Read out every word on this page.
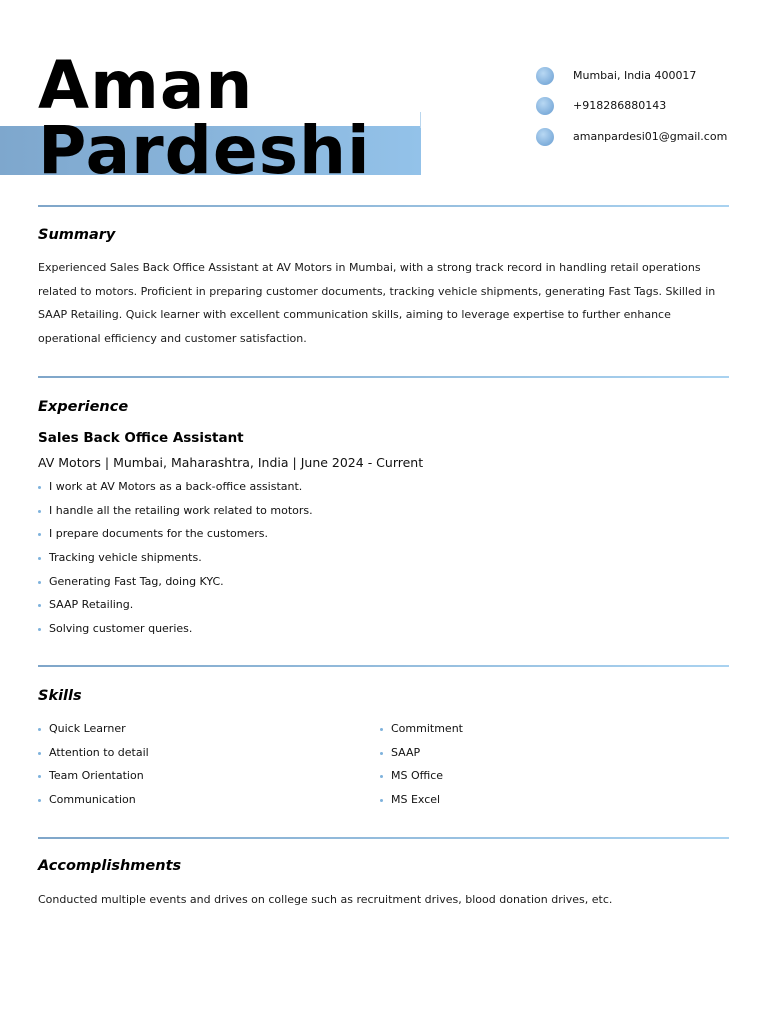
Aman
Pardeshi
Mumbai, India 400017
+918286880143
amanpardesi01@gmail.com
Summary

Experienced Sales Back Office Assistant at AV Motors in Mumbai, with a strong track record in handling retail operations related to motors. Proficient in preparing customer documents, tracking vehicle shipments, generating Fast Tags. Skilled in SAAP Retailing. Quick learner with excellent communication skills, aiming to leverage expertise to further enhance operational efficiency and customer satisfaction.

Experience
Sales Back Office Assistant

AV Motors | Mumbai, Maharashtra, India | June 2024 - Current

I work at AV Motors as a back-office assistant.
I handle all the retailing work related to motors.
I prepare documents for the customers.
Tracking vehicle shipments.
Generating Fast Tag, doing KYC.
SAAP Retailing.
Solving customer queries.
Skills
Quick Learner
Attention to detail
Team Orientation
Communication
Commitment
SAAP
MS Office
MS Excel
Accomplishments

Conducted multiple events and drives on college such as recruitment drives, blood donation drives, etc.
